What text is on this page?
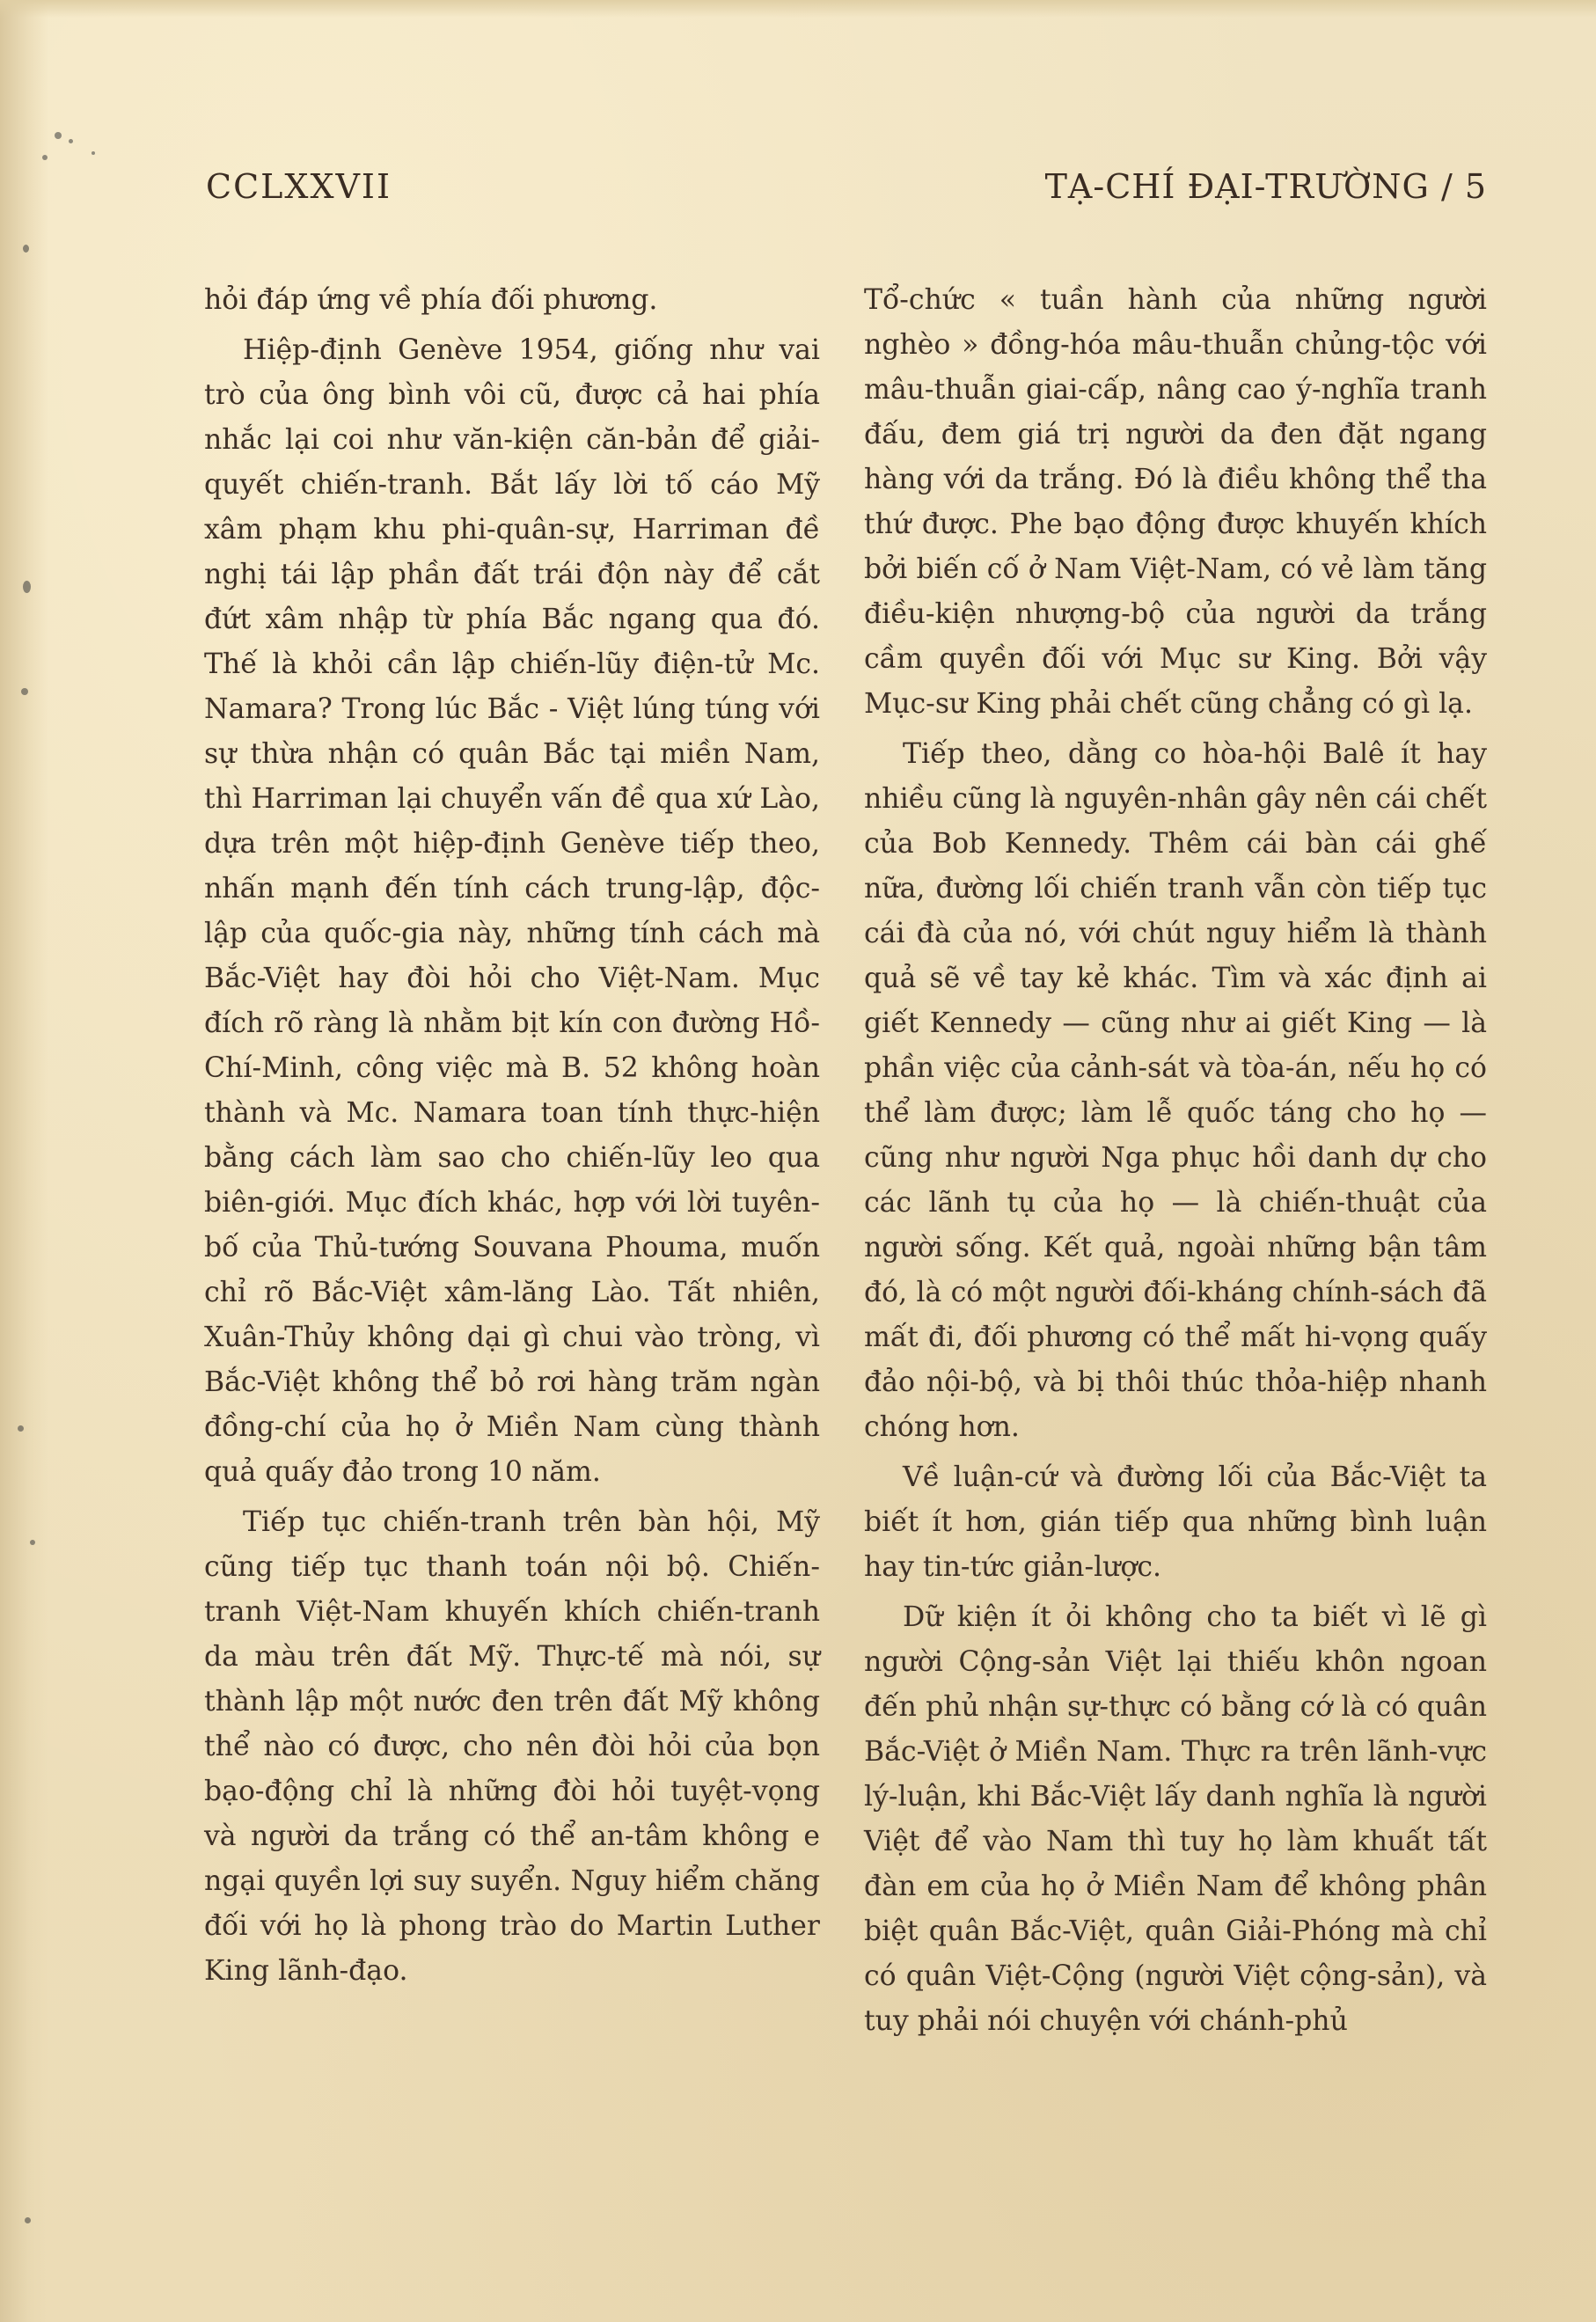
CCLXXVII	TẠ-CHÍ ĐẠI-TRƯỜNG / 5

hỏi đáp ứng về phía đối phương.

Hiệp-định Genève 1954, giống như vai trò của ông bình vôi cũ, được cả hai phía nhắc lại coi như văn-kiện căn-bản để giải-quyết chiến-tranh. Bắt lấy lời tố cáo Mỹ xâm phạm khu phi-quân-sự, Harriman đề nghị tái lập phần đất trái độn này để cắt đứt xâm nhập từ phía Bắc ngang qua đó. Thế là khỏi cần lập chiến-lũy điện-tử Mc. Namara? Trong lúc Bắc - Việt lúng túng với sự thừa nhận có quân Bắc tại miền Nam, thì Harriman lại chuyển vấn đề qua xứ Lào, dựa trên một hiệp-định Genève tiếp theo, nhấn mạnh đến tính cách trung-lập, độc-lập của quốc-gia này, những tính cách mà Bắc-Việt hay đòi hỏi cho Việt-Nam. Mục đích rõ ràng là nhằm bịt kín con đường Hồ-Chí-Minh, công việc mà B. 52 không hoàn thành và Mc. Namara toan tính thực-hiện bằng cách làm sao cho chiến-lũy leo qua biên-giới. Mục đích khác, hợp với lời tuyên-bố của Thủ-tướng Souvana Phouma, muốn chỉ rõ Bắc-Việt xâm-lăng Lào. Tất nhiên, Xuân-Thủy không dại gì chui vào tròng, vì Bắc-Việt không thể bỏ rơi hàng trăm ngàn đồng-chí của họ ở Miền Nam cùng thành quả quấy đảo trong 10 năm.

Tiếp tục chiến-tranh trên bàn hội, Mỹ cũng tiếp tục thanh toán nội bộ. Chiến-tranh Việt-Nam khuyến khích chiến-tranh da màu trên đất Mỹ. Thực-tế mà nói, sự thành lập một nước đen trên đất Mỹ không thể nào có được, cho nên đòi hỏi của bọn bạo-động chỉ là những đòi hỏi tuyệt-vọng và người da trắng có thể an-tâm không e ngại quyền lợi suy suyển. Nguy hiểm chăng đối với họ là phong trào do Martin Luther King lãnh-đạo.

Tổ-chức « tuần hành của những người nghèo » đồng-hóa mâu-thuẫn chủng-tộc với mâu-thuẫn giai-cấp, nâng cao ý-nghĩa tranh đấu, đem giá trị người da đen đặt ngang hàng với da trắng. Đó là điều không thể tha thứ được. Phe bạo động được khuyến khích bởi biến cố ở Nam Việt-Nam, có vẻ làm tăng điều-kiện nhượng-bộ của người da trắng cầm quyền đối với Mục sư King. Bởi vậy Mục-sư King phải chết cũng chẳng có gì lạ.

Tiếp theo, dằng co hòa-hội Balê ít hay nhiều cũng là nguyên-nhân gây nên cái chết của Bob Kennedy. Thêm cái bàn cái ghế nữa, đường lối chiến tranh vẫn còn tiếp tục cái đà của nó, với chút nguy hiểm là thành quả sẽ về tay kẻ khác. Tìm và xác định ai giết Kennedy — cũng như ai giết King — là phần việc của cảnh-sát và tòa-án, nếu họ có thể làm được; làm lễ quốc táng cho họ — cũng như người Nga phục hồi danh dự cho các lãnh tụ của họ — là chiến-thuật của người sống. Kết quả, ngoài những bận tâm đó, là có một người đối-kháng chính-sách đã mất đi, đối phương có thể mất hi-vọng quấy đảo nội-bộ, và bị thôi thúc thỏa-hiệp nhanh chóng hơn.

Về luận-cứ và đường lối của Bắc-Việt ta biết ít hơn, gián tiếp qua những bình luận hay tin-tức giản-lược.

Dữ kiện ít ỏi không cho ta biết vì lẽ gì người Cộng-sản Việt lại thiếu khôn ngoan đến phủ nhận sự-thực có bằng cớ là có quân Bắc-Việt ở Miền Nam. Thực ra trên lãnh-vực lý-luận, khi Bắc-Việt lấy danh nghĩa là người Việt để vào Nam thì tuy họ làm khuất tất đàn em của họ ở Miền Nam để không phân biệt quân Bắc-Việt, quân Giải-Phóng mà chỉ có quân Việt-Cộng (người Việt cộng-sản), và tuy phải nói chuyện với chánh-phủ
